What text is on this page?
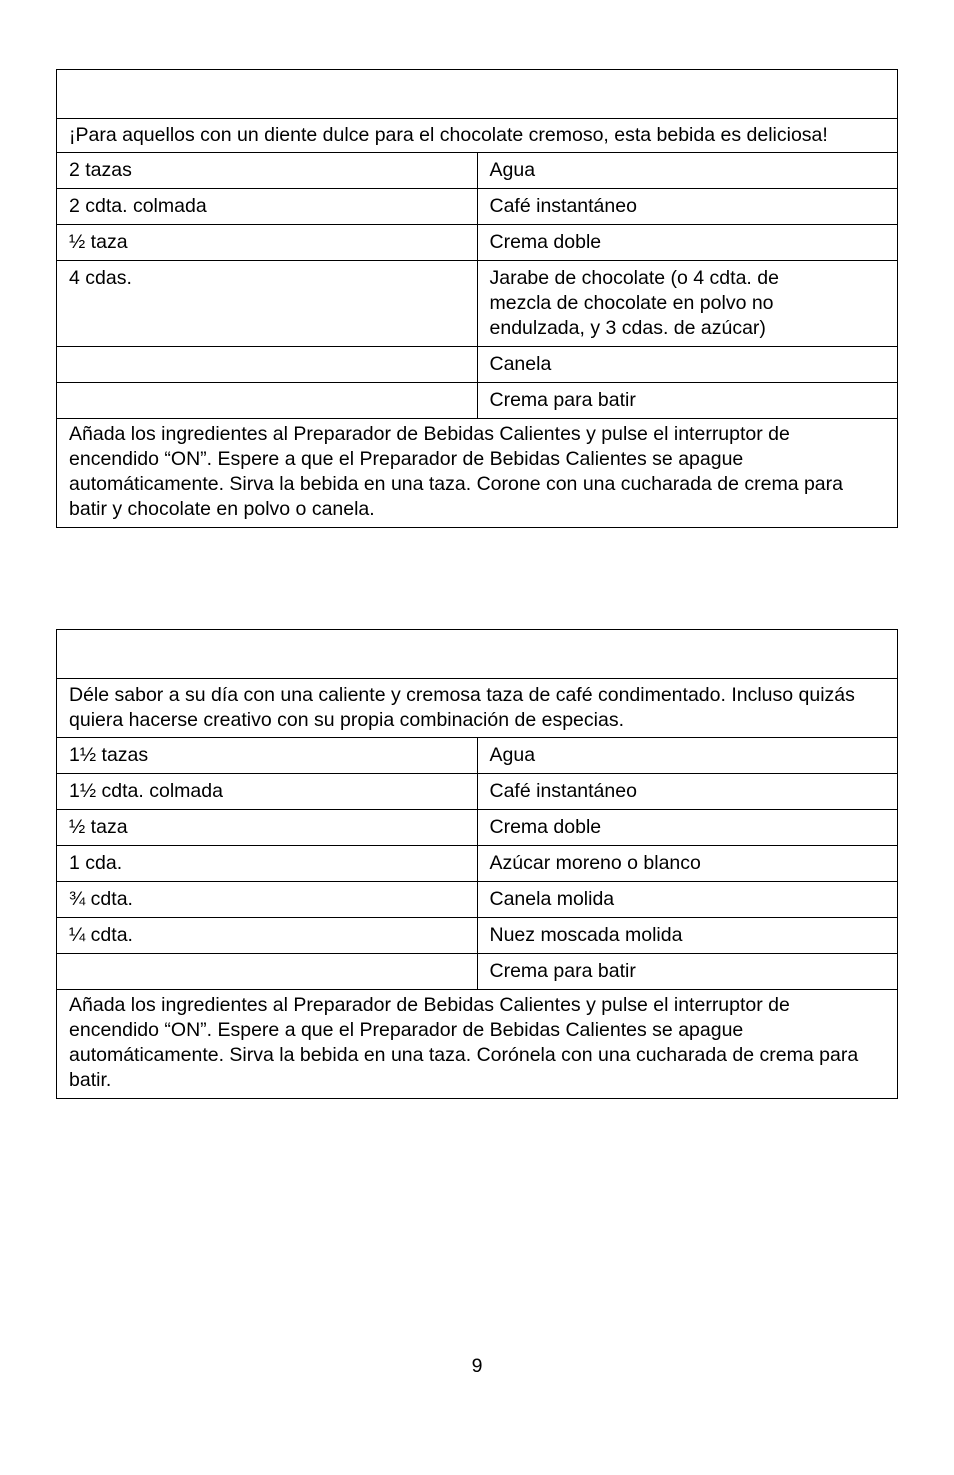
¡Para aquellos con un diente dulce para el chocolate cremoso, esta bebida es deliciosa!	
2 tazas	Agua
2 cdta. colmada	Café instantáneo
½ taza	Crema doble
4 cdas.	Jarabe de chocolate (o 4 cdta. de mezcla de chocolate en polvo no endulzada, y 3 cdas. de azúcar)
	Canela
	Crema para batir
Añada los ingredientes al Preparador de Bebidas Calientes y pulse el interruptor de encendido “ON”. Espere a que el Preparador de Bebidas Calientes se apague automáticamente. Sirva la bebida en una taza. Corone con una cucharada de crema para batir y chocolate en polvo o canela.	

Déle sabor a su día con una caliente y cremosa taza de café condimentado. Incluso quizás quiera hacerse creativo con su propia combinación de especias.	
1½ tazas	Agua
1½ cdta. colmada	Café instantáneo
½ taza	Crema doble
1 cda.	Azúcar moreno o blanco
¾ cdta.	Canela molida
¼ cdta.	Nuez moscada molida
	Crema para batir
Añada los ingredientes al Preparador de Bebidas Calientes y pulse el interruptor de encendido “ON”. Espere a que el Preparador de Bebidas Calientes se apague automáticamente. Sirva la bebida en una taza. Corónela con una cucharada de crema para batir.	
9
